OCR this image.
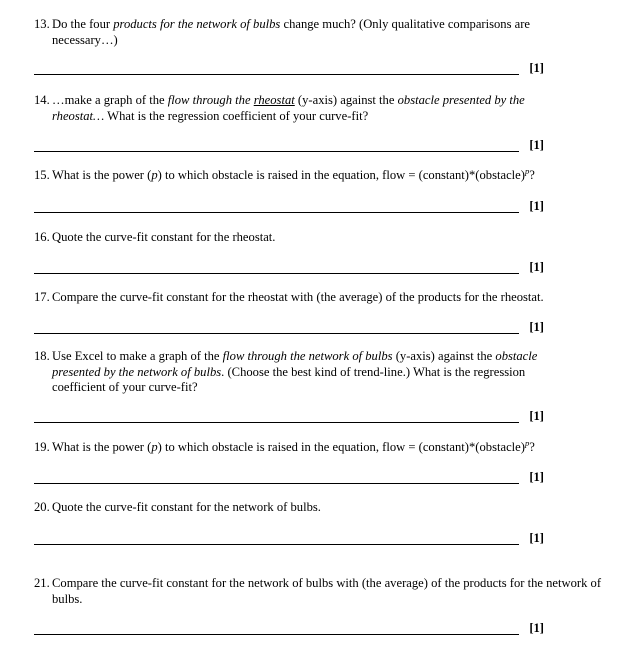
13. Do the four products for the network of bulbs change much? (Only qualitative comparisons are necessary…)
[1]
14. …make a graph of the flow through the rheostat (y-axis) against the obstacle presented by the rheostat… What is the regression coefficient of your curve-fit?
[1]
15. What is the power (p) to which obstacle is raised in the equation, flow = (constant)*(obstacle)$^p$?
[1]
16. Quote the curve-fit constant for the rheostat.
[1]
17. Compare the curve-fit constant for the rheostat with (the average) of the products for the rheostat.
[1]
18. Use Excel to make a graph of the flow through the network of bulbs (y-axis) against the obstacle presented by the network of bulbs. (Choose the best kind of trend-line.) What is the regression coefficient of your curve-fit?
[1]
19. What is the power (p) to which obstacle is raised in the equation, flow = (constant)*(obstacle)$^p$?
[1]
20. Quote the curve-fit constant for the network of bulbs.
[1]
21. Compare the curve-fit constant for the network of bulbs with (the average) of the products for the network of bulbs.
[1]
